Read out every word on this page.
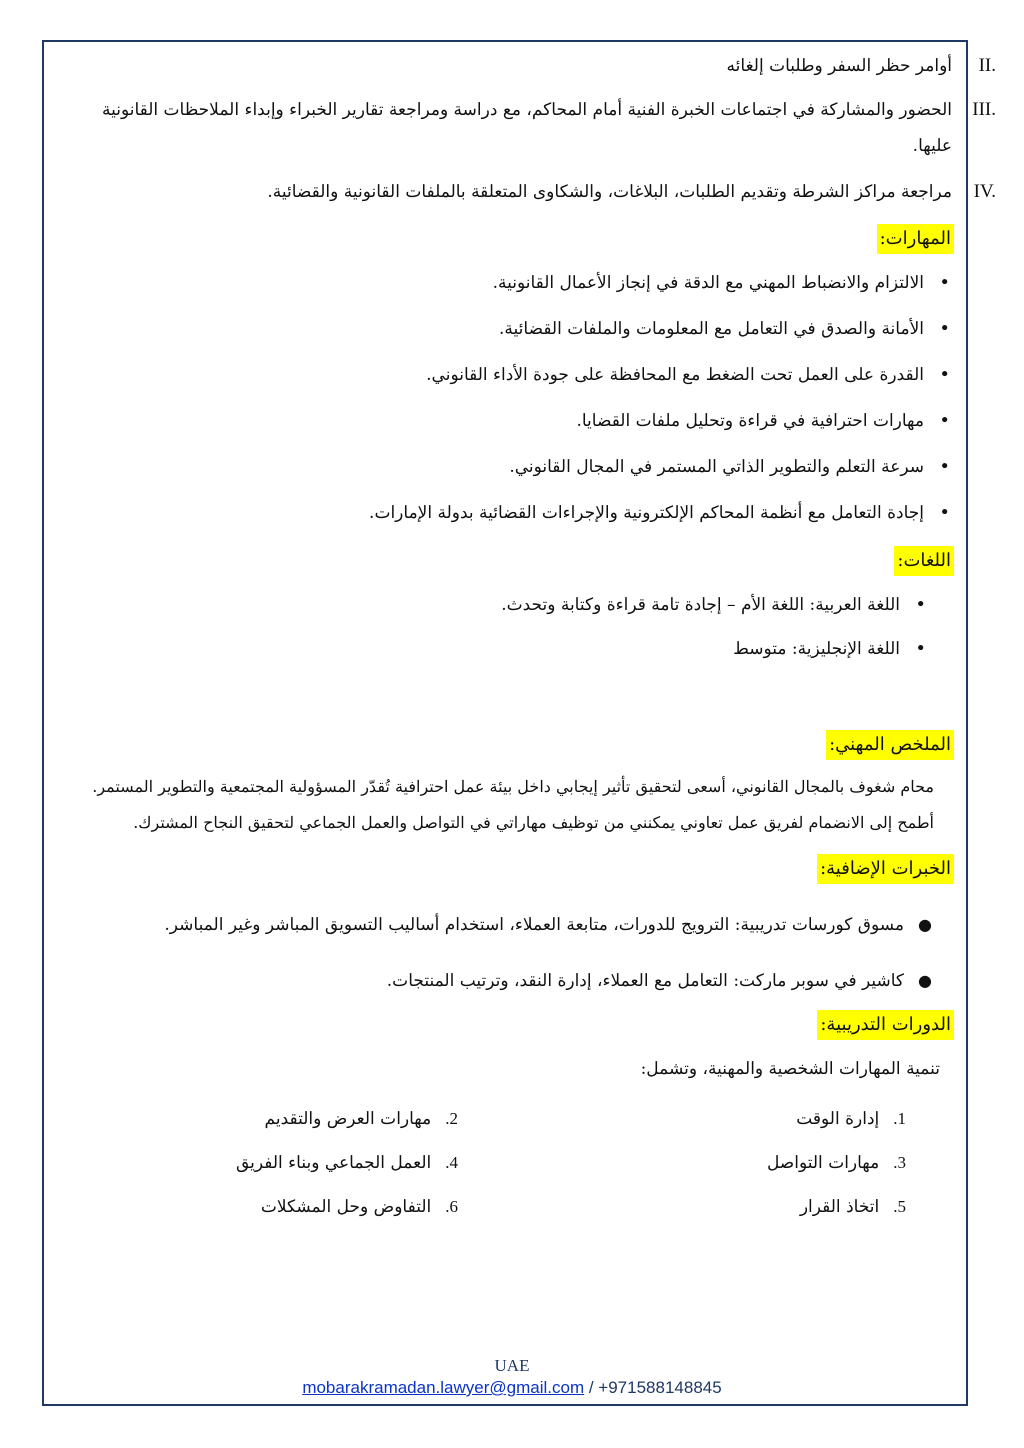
II.
أوامر حظر السفر وطلبات إلغائه
III.
الحضور والمشاركة في اجتماعات الخبرة الفنية أمام المحاكم، مع دراسة ومراجعة تقارير الخبراء وإبداء الملاحظات القانونية عليها.
IV.
مراجعة مراكز الشرطة وتقديم الطلبات، البلاغات، والشكاوى المتعلقة بالملفات القانونية والقضائية.
المهارات:
• الالتزام والانضباط المهني مع الدقة في إنجاز الأعمال القانونية.
• الأمانة والصدق في التعامل مع المعلومات والملفات القضائية.
• القدرة على العمل تحت الضغط مع المحافظة على جودة الأداء القانوني.
• مهارات احترافية في قراءة وتحليل ملفات القضايا.
• سرعة التعلم والتطوير الذاتي المستمر في المجال القانوني.
• إجادة التعامل مع أنظمة المحاكم الإلكترونية والإجراءات القضائية بدولة الإمارات.
اللغات:
• اللغة العربية: اللغة الأم – إجادة تامة قراءة وكتابة وتحدث.
• اللغة الإنجليزية: متوسط
الملخص المهني:
محام شغوف بالمجال القانوني، أسعى لتحقيق تأثير إيجابي داخل بيئة عمل احترافية تُقدّر المسؤولية المجتمعية والتطوير المستمر.
أطمح إلى الانضمام لفريق عمل تعاوني يمكنني من توظيف مهاراتي في التواصل والعمل الجماعي لتحقيق النجاح المشترك.
الخبرات الإضافية:
● مسوق كورسات تدريبية: الترويج للدورات، متابعة العملاء، استخدام أساليب التسويق المباشر وغير المباشر.
● كاشير في سوبر ماركت: التعامل مع العملاء، إدارة النقد، وترتيب المنتجات.
الدورات التدريبية:
تنمية المهارات الشخصية والمهنية، وتشمل:
1.إدارة الوقت
2.مهارات العرض والتقديم
3.مهارات التواصل
4.العمل الجماعي وبناء الفريق
5.اتخاذ القرار
6.التفاوض وحل المشكلات
UAE
mobarakramadan.lawyer@gmail.com / +971588148845
